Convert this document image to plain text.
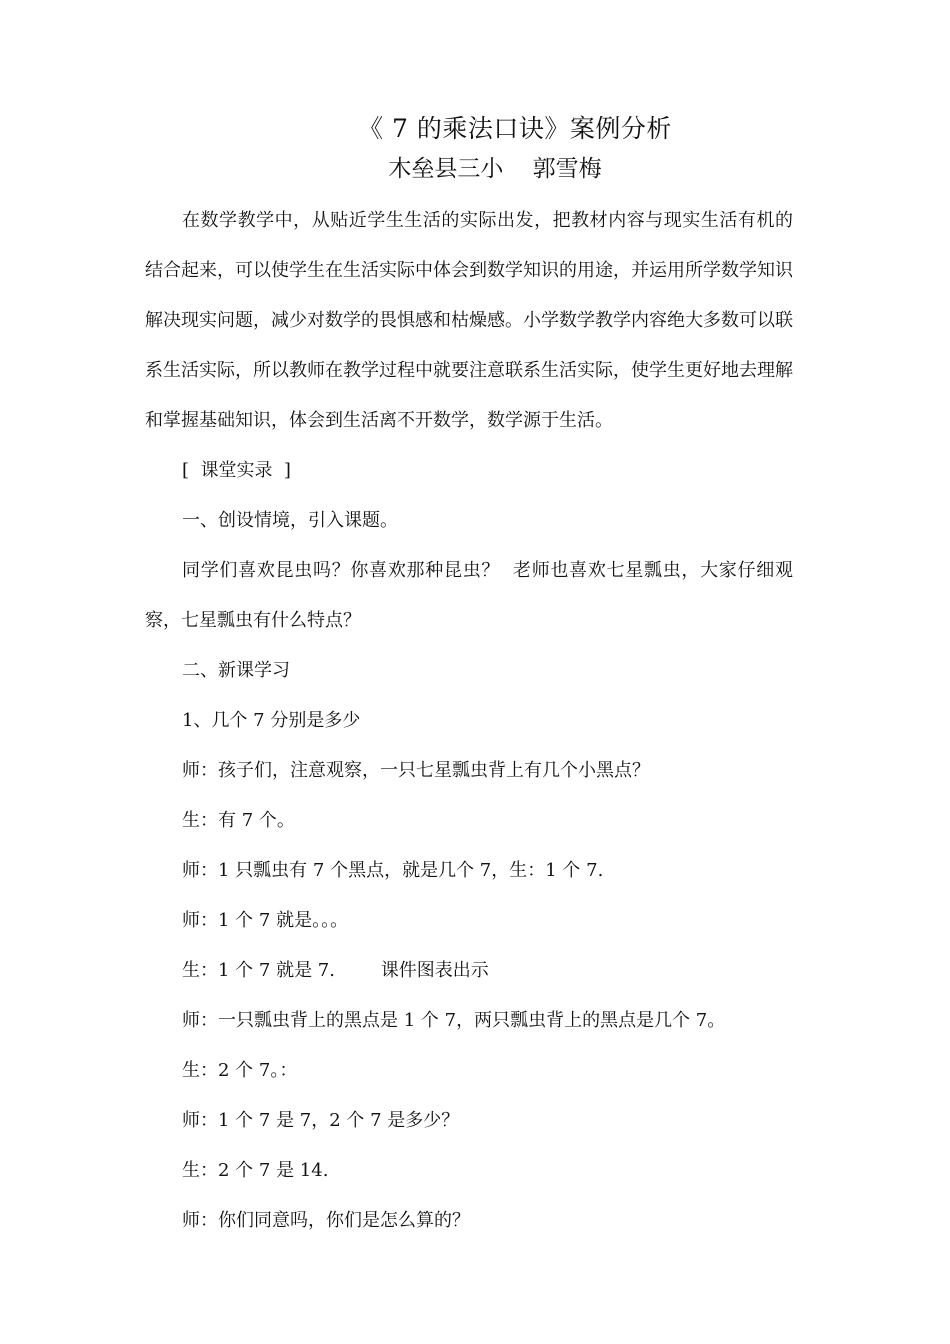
《 7 的乘法口诀》案例分析
木垒县三小    郭雪梅

在数学教学中，从贴近学生生活的实际出发，把教材内容与现实生活有机的结合起来，可以使学生在生活实际中体会到数学知识的用途，并运用所学数学知识解决现实问题，减少对数学的畏惧感和枯燥感。小学数学教学内容绝大多数可以联系生活实际，所以教师在教学过程中就要注意联系生活实际，使学生更好地去理解和掌握基础知识，体会到生活离不开数学，数学源于生活。

[  课堂实录  ]

一、创设情境，引入课题。

同学们喜欢昆虫吗？你喜欢那种昆虫？  老师也喜欢七星瓢虫，大家仔细观察，七星瓢虫有什么特点？

二、新课学习

1、几个 7 分别是多少

师：孩子们，注意观察，一只七星瓢虫背上有几个小黑点？

生：有 7 个。

师：1 只瓢虫有 7 个黑点，就是几个 7，生：1 个 7.

师：1 个 7 就是。。。

生：1 个 7 就是 7.        课件图表出示

师：一只瓢虫背上的黑点是 1 个 7，两只瓢虫背上的黑点是几个 7。

生：2 个 7。：

师：1 个 7 是 7，2 个 7 是多少？

生：2 个 7 是 14.

师：你们同意吗，你们是怎么算的？
